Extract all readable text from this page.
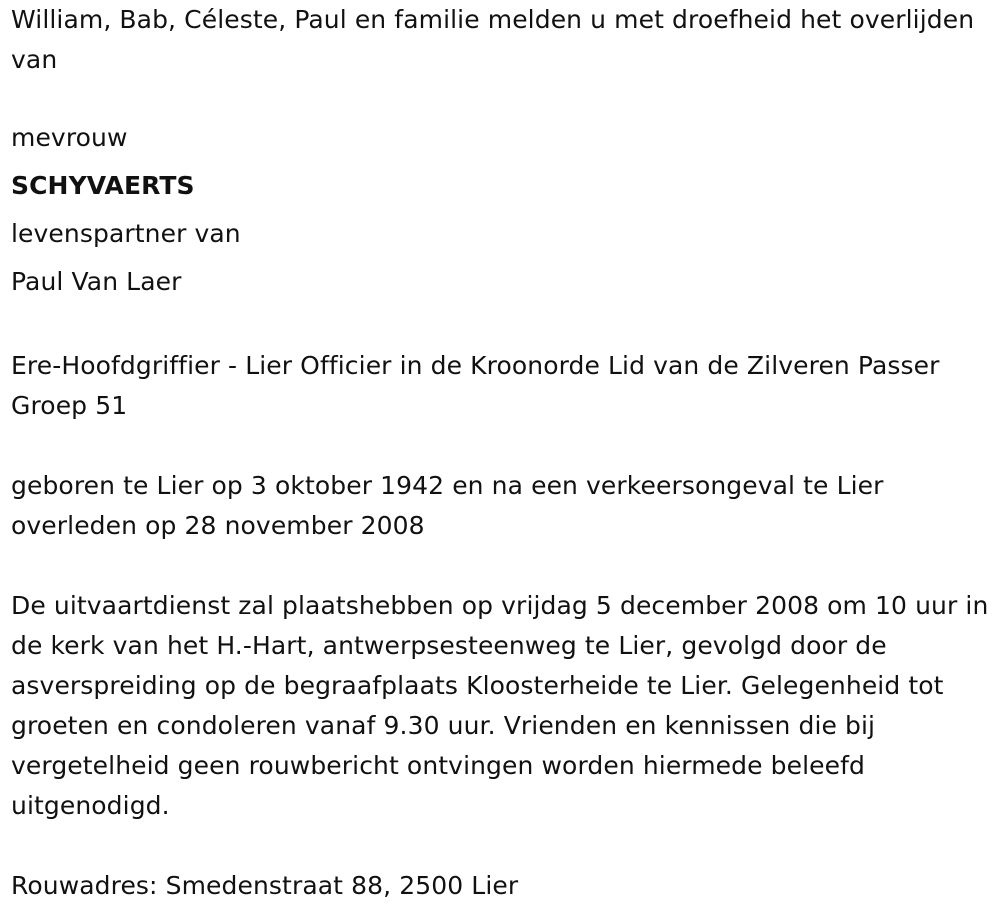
William, Bab, Céleste, Paul en familie melden u met droefheid het overlijden van

mevrouw

SCHYVAERTS

levenspartner van

Paul Van Laer

Ere-Hoofdgriffier - Lier Officier in de Kroonorde Lid van de Zilveren Passer Groep 51

geboren te Lier op 3 oktober 1942 en na een verkeersongeval te Lier overleden op 28 november 2008

De uitvaartdienst zal plaatshebben op vrijdag 5 december 2008 om 10 uur in de kerk van het H.-Hart, antwerpsesteenweg te Lier, gevolgd door de asverspreiding op de begraafplaats Kloosterheide te Lier. Gelegenheid tot groeten en condoleren vanaf 9.30 uur. Vrienden en kennissen die bij vergetelheid geen rouwbericht ontvingen worden hiermede beleefd uitgenodigd.

Rouwadres: Smedenstraat 88, 2500 Lier
